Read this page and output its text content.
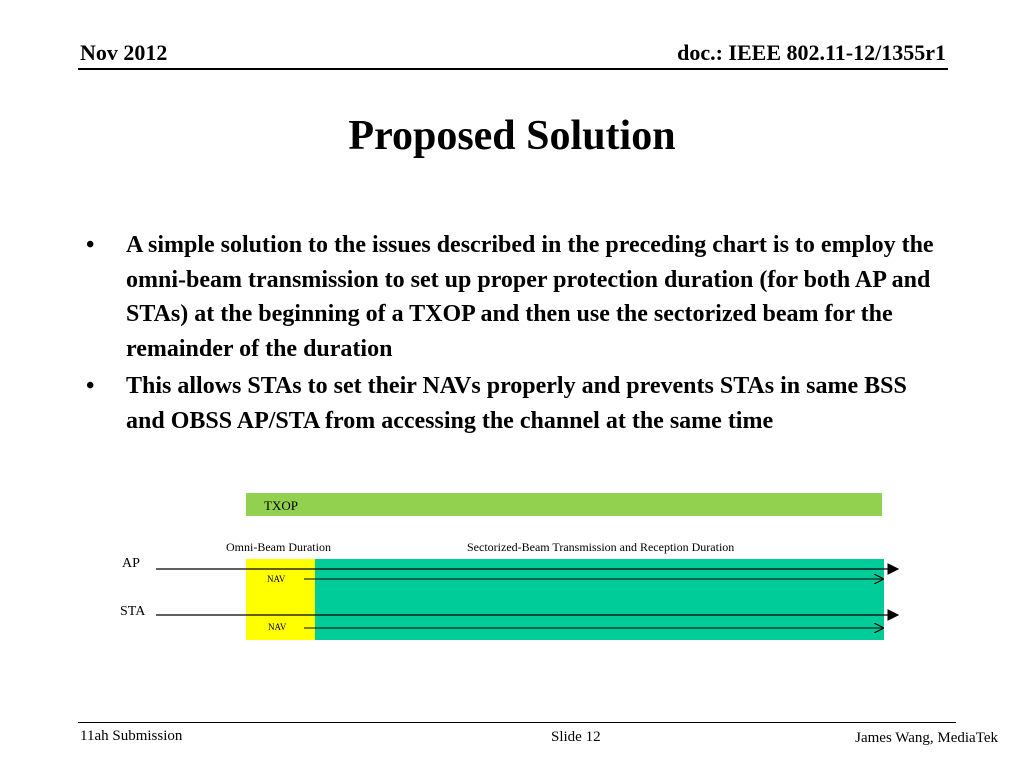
Nov 2012	doc.: IEEE 802.11-12/1355r1
Proposed Solution
• A simple solution to the issues described in the preceding chart is to employ the omni-beam transmission to set up proper protection duration (for both AP and STAs) at the beginning of a TXOP and then use the sectorized beam for the remainder of the duration
• This allows STAs to set their NAVs properly and prevents STAs in same BSS and OBSS AP/STA from accessing the channel at the same time
TXOP
Omni-Beam Duration	Sectorized-Beam Transmission and Reception Duration
AP
NAV
STA
NAV
11ah Submission	Slide 12	James Wang, MediaTek
